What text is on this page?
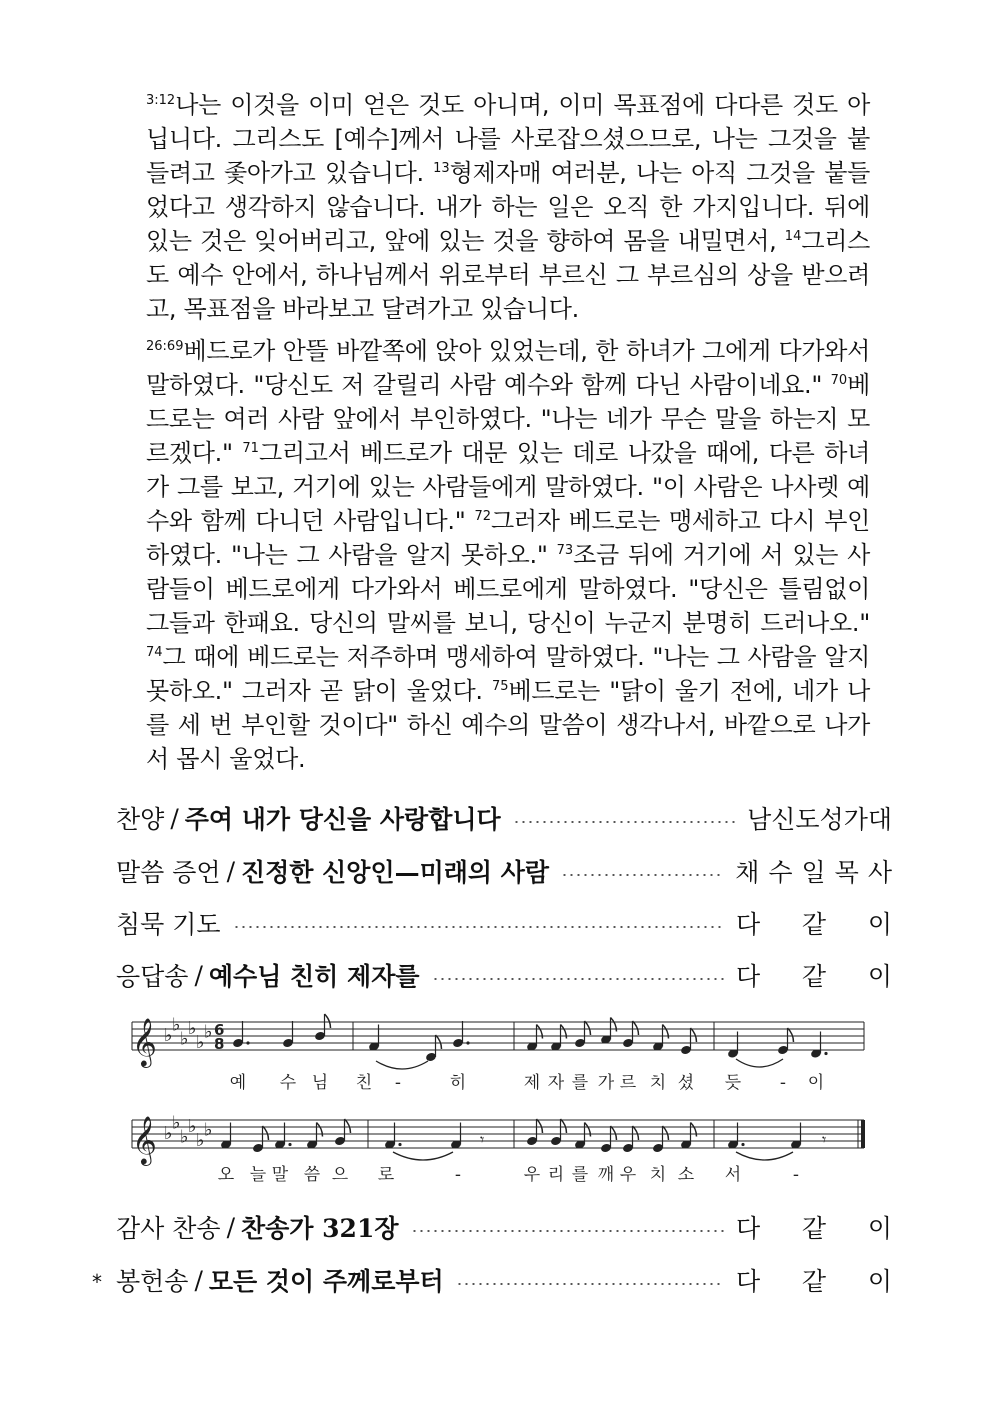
$^{3:12}$나는 이것을 이미 얻은 것도 아니며, 이미 목표점에 다다른 것도 아닙니다. 그리스도 [예수]께서 나를 사로잡으셨으므로, 나는 그것을 붙들려고 좇아가고 있습니다. $^{13}$형제자매 여러분, 나는 아직 그것을 붙들었다고 생각하지 않습니다. 내가 하는 일은 오직 한 가지입니다. 뒤에 있는 것은 잊어버리고, 앞에 있는 것을 향하여 몸을 내밀면서, $^{14}$그리스도 예수 안에서, 하나님께서 위로부터 부르신 그 부르심의 상을 받으려고, 목표점을 바라보고 달려가고 있습니다.

$^{26:69}$베드로가 안뜰 바깥쪽에 앉아 있었는데, 한 하녀가 그에게 다가와서 말하였다. "당신도 저 갈릴리 사람 예수와 함께 다닌 사람이네요." $^{70}$베드로는 여러 사람 앞에서 부인하였다. "나는 네가 무슨 말을 하는지 모르겠다." $^{71}$그리고서 베드로가 대문 있는 데로 나갔을 때에, 다른 하녀가 그를 보고, 거기에 있는 사람들에게 말하였다. "이 사람은 나사렛 예수와 함께 다니던 사람입니다." $^{72}$그러자 베드로는 맹세하고 다시 부인하였다. "나는 그 사람을 알지 못하오." $^{73}$조금 뒤에 거기에 서 있는 사람들이 베드로에게 다가와서 베드로에게 말하였다. "당신은 틀림없이 그들과 한패요. 당신의 말씨를 보니, 당신이 누군지 분명히 드러나오." $^{74}$그 때에 베드로는 저주하며 맹세하여 말하였다. "나는 그 사람을 알지 못하오." 그러자 곧 닭이 울었다. $^{75}$베드로는 "닭이 울기 전에, 네가 나를 세 번 부인할 것이다" 하신 예수의 말씀이 생각나서, 바깥으로 나가서 몹시 울었다.

찬양 / 주여 내가 당신을 사랑합니다	남신도성가대
말씀 증언 / 진정한 신앙인—미래의 사람	채수일목사
침묵 기도	다 같 이
응답송 / 예수님 친히 제자를	다 같 이
𝄞 ♭ ♭
♭ ♭
♭ ♭ 6
8
𝄞 ♭ ♭
♭ ♭
♭ ♭	𝄾	𝄾
예 수 님 친 -	히	제 자 를 가 르 치 셨 듯 - 이
오 늘 말 씀 으 로	-	우 리 를 깨 우 치 소 서	-
감사 찬송 / 찬송가 321장	다 같 이
* 봉헌송 / 모든 것이 주께로부터	다 같 이
